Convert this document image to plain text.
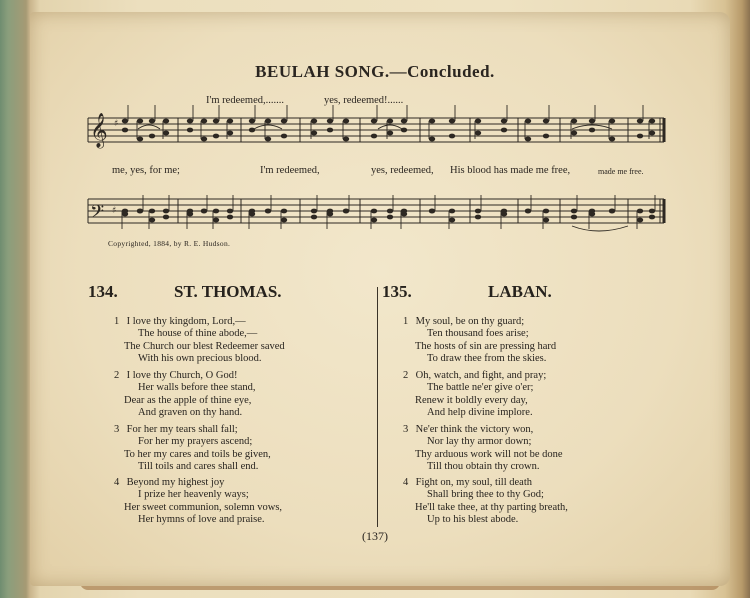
BEULAH SONG.—Concluded.
I'm redeemed,.......	yes, redeemed!......
𝄞 ♯
𝄢 ♯
me, yes, for me;	I'm redeemed,	yes, redeemed, His blood has made me free,	made me free.
Copyrighted, 1884, by R. E. Hudson.
134.	ST. THOMAS.	135.	LABAN.
1 I love thy kingdom, Lord,—
The house of thine abode,—
The Church our blest Redeemer saved
With his own precious blood.
2 I love thy Church, O God!
Her walls before thee stand,
Dear as the apple of thine eye,
And graven on thy hand.
3 For her my tears shall fall;
For her my prayers ascend;
To her my cares and toils be given,
Till toils and cares shall end.
4 Beyond my highest joy
I prize her heavenly ways;
Her sweet communion, solemn vows,
Her hymns of love and praise.
1 My soul, be on thy guard;
Ten thousand foes arise;
The hosts of sin are pressing hard
To draw thee from the skies.
2 Oh, watch, and fight, and pray;
The battle ne'er give o'er;
Renew it boldly every day,
And help divine implore.
3 Ne'er think the victory won,
Nor lay thy armor down;
Thy arduous work will not be done
Till thou obtain thy crown.
4 Fight on, my soul, till death
Shall bring thee to thy God;
He'll take thee, at thy parting breath,
Up to his blest abode.
(137)
